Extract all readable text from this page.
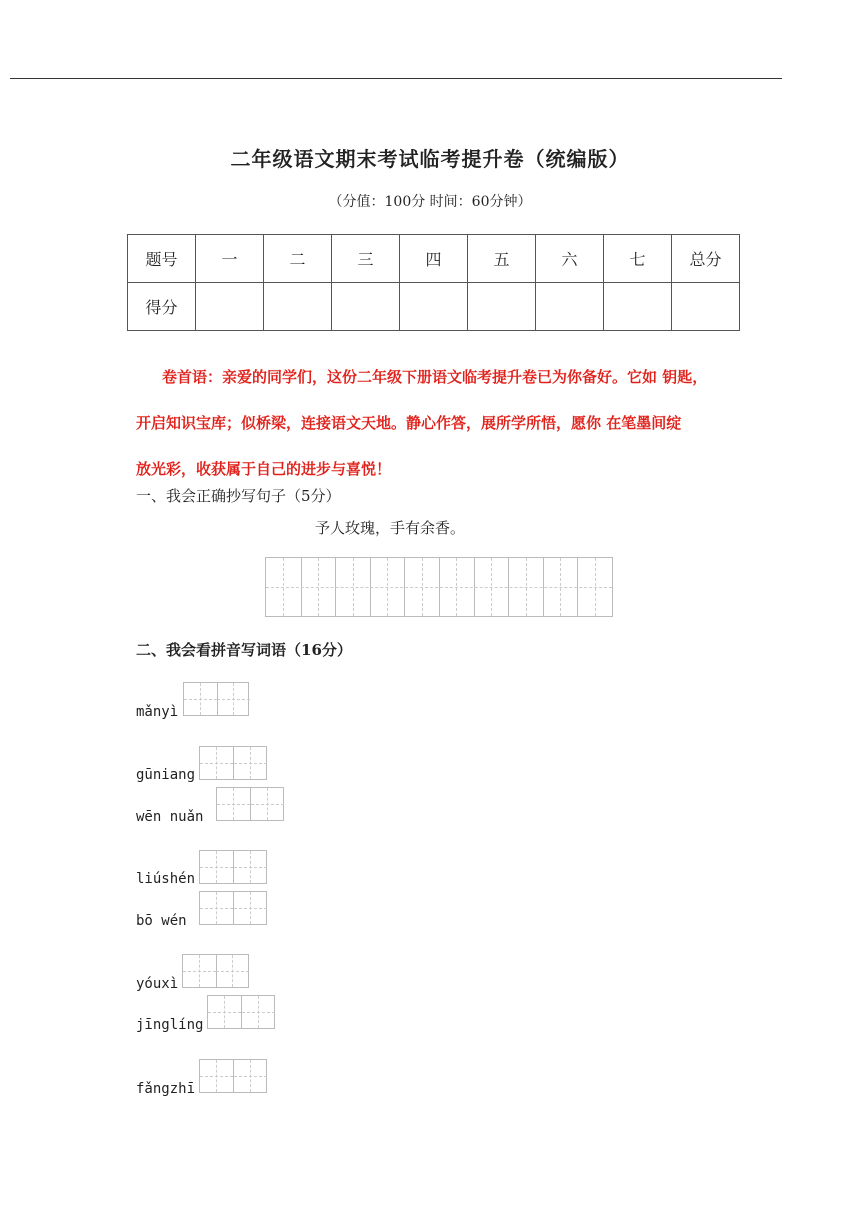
二年级语文期末考试临考提升卷（统编版）
（分值：100分 时间：60分钟）
题号	一	二	三	四	五	六	七	总分
得分								
卷首语：亲爱的同学们，这份二年级下册语文临考提升卷已为你备好。它如 钥匙，
开启知识宝库；似桥梁，连接语文天地。静心作答，展所学所悟，愿你 在笔墨间绽
放光彩，收获属于自己的进步与喜悦！
一、我会正确抄写句子（5分）
予人玫瑰，手有余香。
二、我会看拼音写词语（16分）
mǎnyì
gūniang
wēn nuǎn
liúshén
bō wén
yóuxì
jīnglíng
fǎngzhī
